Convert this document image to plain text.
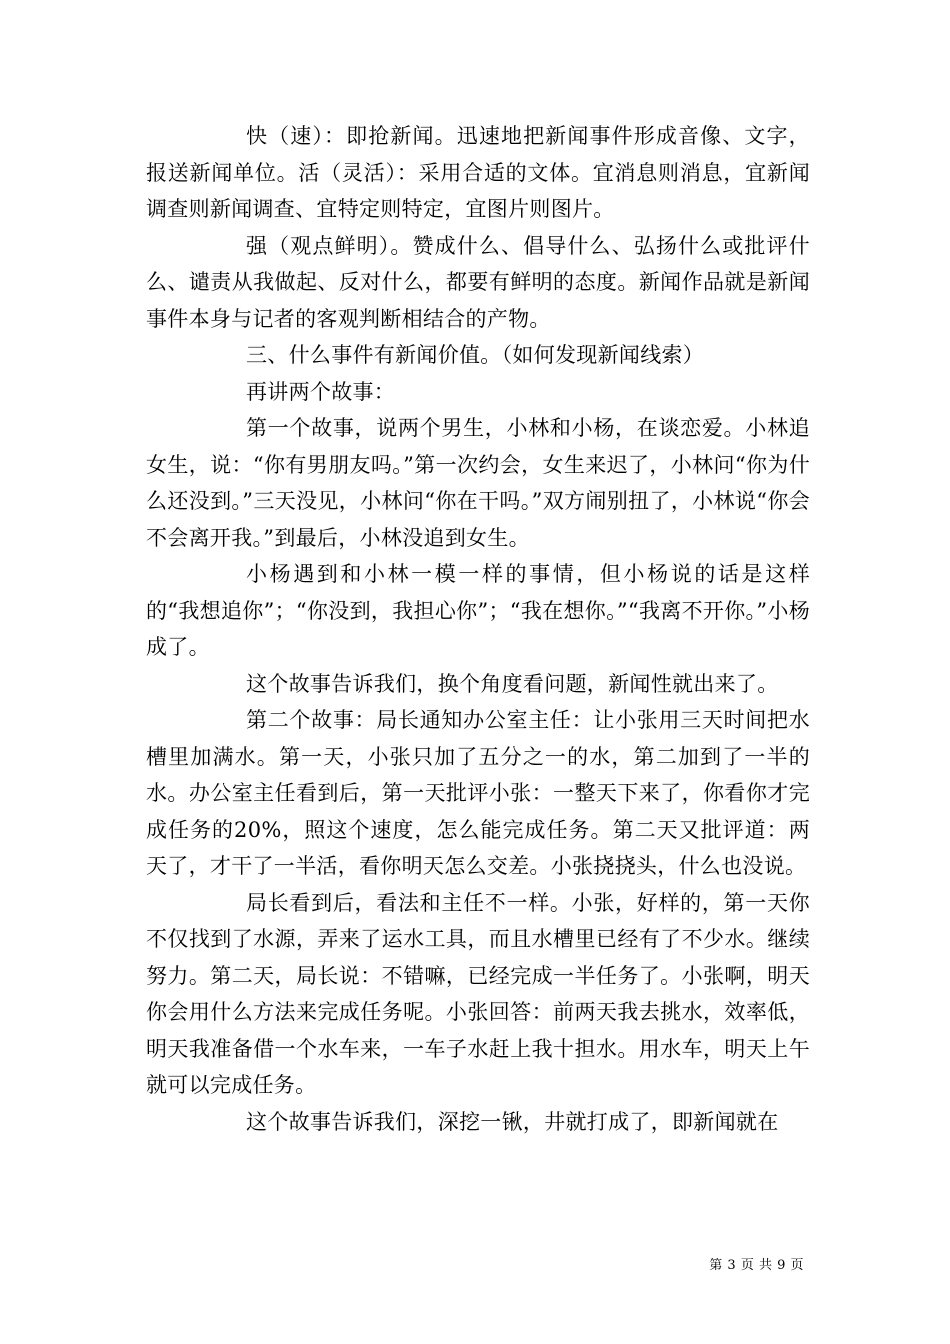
快（速）：即抢新闻。迅速地把新闻事件形成音像、文字，报送新闻单位。活（灵活）：采用合适的文体。宜消息则消息，宜新闻调查则新闻调查、宜特定则特定，宜图片则图片。

强（观点鲜明）。赞成什么、倡导什么、弘扬什么或批评什么、谴责从我做起、反对什么，都要有鲜明的态度。新闻作品就是新闻事件本身与记者的客观判断相结合的产物。

三、什么事件有新闻价值。（如何发现新闻线索）

再讲两个故事：

第一个故事，说两个男生，小林和小杨，在谈恋爱。小林追女生，说：“你有男朋友吗。”第一次约会，女生来迟了，小林问“你为什么还没到。”三天没见，小林问“你在干吗。”双方闹别扭了，小林说“你会不会离开我。”到最后，小林没追到女生。

小杨遇到和小林一模一样的事情，但小杨说的话是这样的“我想追你”；“你没到，我担心你”；“我在想你。”“我离不开你。”小杨成了。

这个故事告诉我们，换个角度看问题，新闻性就出来了。

第二个故事：局长通知办公室主任：让小张用三天时间把水槽里加满水。第一天，小张只加了五分之一的水，第二加到了一半的水。办公室主任看到后，第一天批评小张：一整天下来了，你看你才完成任务的20%，照这个速度，怎么能完成任务。第二天又批评道：两天了，才干了一半活，看你明天怎么交差。小张挠挠头，什么也没说。

局长看到后，看法和主任不一样。小张，好样的，第一天你不仅找到了水源，弄来了运水工具，而且水槽里已经有了不少水。继续努力。第二天，局长说：不错嘛，已经完成一半任务了。小张啊，明天你会用什么方法来完成任务呢。小张回答：前两天我去挑水，效率低，明天我准备借一个水车来，一车子水赶上我十担水。用水车，明天上午就可以完成任务。

这个故事告诉我们，深挖一锹，井就打成了，即新闻就在

第 3 页 共 9 页
